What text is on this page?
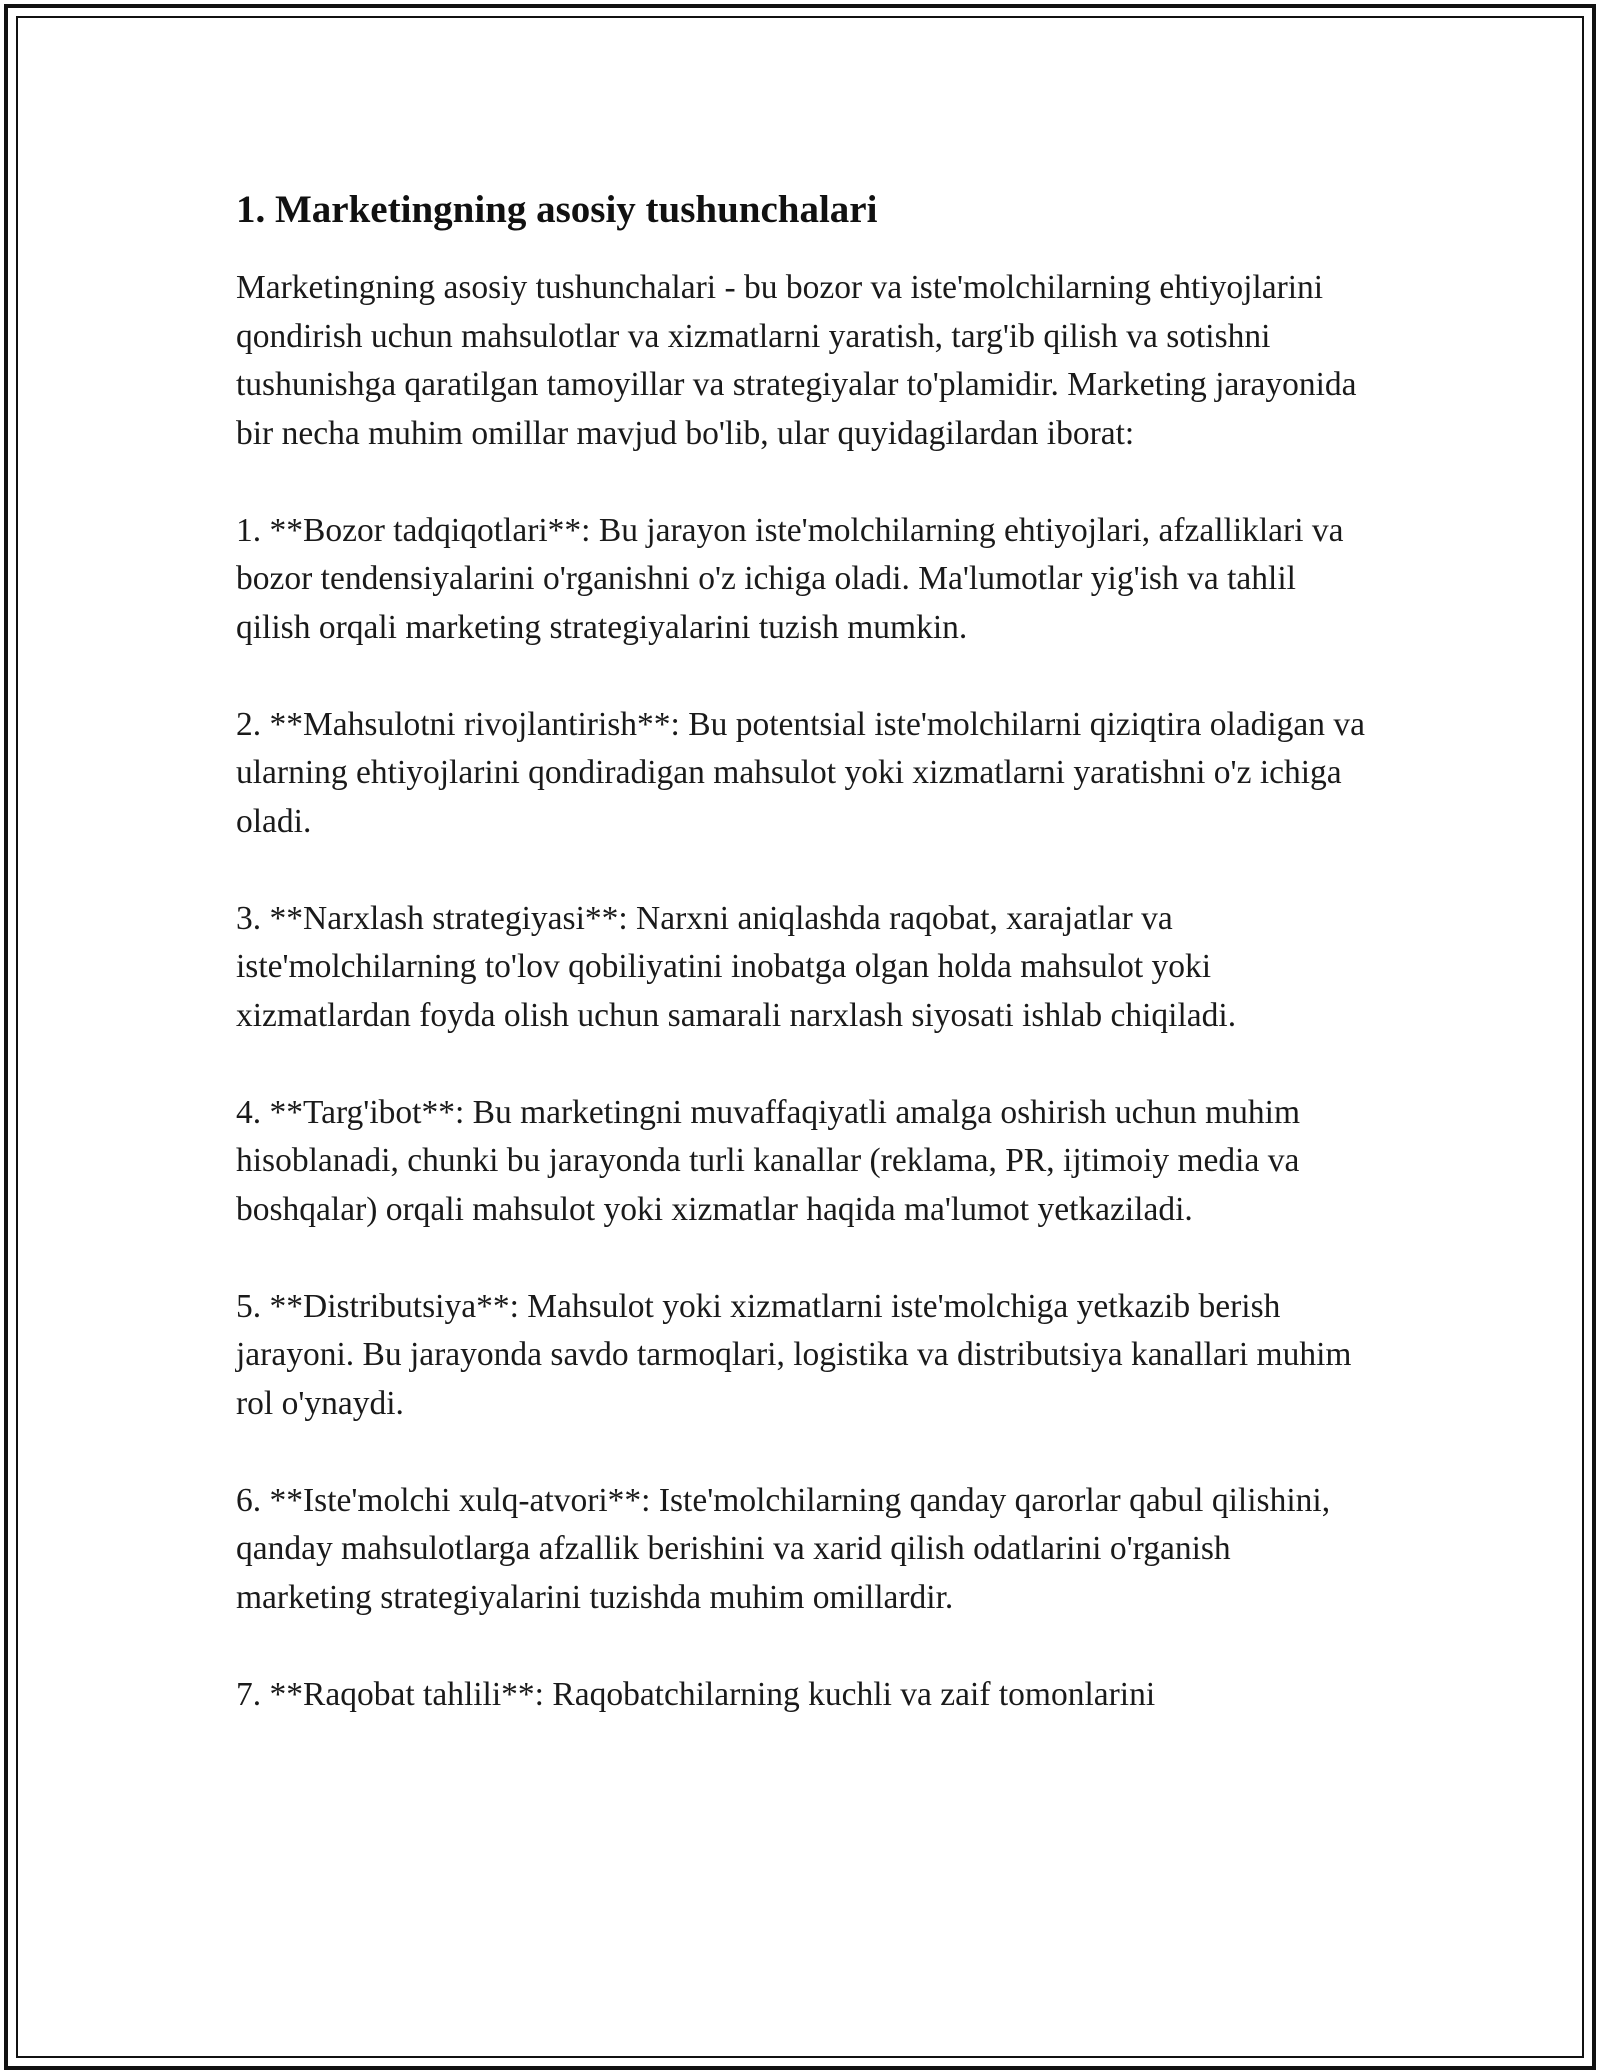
1. Marketingning asosiy tushunchalari

Marketingning asosiy tushunchalari - bu bozor va iste'molchilarning ehtiyojlarini qondirish uchun mahsulotlar va xizmatlarni yaratish, targ'ib qilish va sotishni tushunishga qaratilgan tamoyillar va strategiyalar to'plamidir. Marketing jarayonida bir necha muhim omillar mavjud bo'lib, ular quyidagilardan iborat:

1. **Bozor tadqiqotlari**: Bu jarayon iste'molchilarning ehtiyojlari, afzalliklari va bozor tendensiyalarini o'rganishni o'z ichiga oladi. Ma'lumotlar yig'ish va tahlil qilish orqali marketing strategiyalarini tuzish mumkin.

2. **Mahsulotni rivojlantirish**: Bu potentsial iste'molchilarni qiziqtira oladigan va ularning ehtiyojlarini qondiradigan mahsulot yoki xizmatlarni yaratishni o'z ichiga oladi.

3. **Narxlash strategiyasi**: Narxni aniqlashda raqobat, xarajatlar va iste'molchilarning to'lov qobiliyatini inobatga olgan holda mahsulot yoki xizmatlardan foyda olish uchun samarali narxlash siyosati ishlab chiqiladi.

4. **Targ'ibot**: Bu marketingni muvaffaqiyatli amalga oshirish uchun muhim hisoblanadi, chunki bu jarayonda turli kanallar (reklama, PR, ijtimoiy media va boshqalar) orqali mahsulot yoki xizmatlar haqida ma'lumot yetkaziladi.

5. **Distributsiya**: Mahsulot yoki xizmatlarni iste'molchiga yetkazib berish jarayoni. Bu jarayonda savdo tarmoqlari, logistika va distributsiya kanallari muhim rol o'ynaydi.

6. **Iste'molchi xulq-atvori**: Iste'molchilarning qanday qarorlar qabul qilishini, qanday mahsulotlarga afzallik berishini va xarid qilish odatlarini o'rganish marketing strategiyalarini tuzishda muhim omillardir.

7. **Raqobat tahlili**: Raqobatchilarning kuchli va zaif tomonlarini
